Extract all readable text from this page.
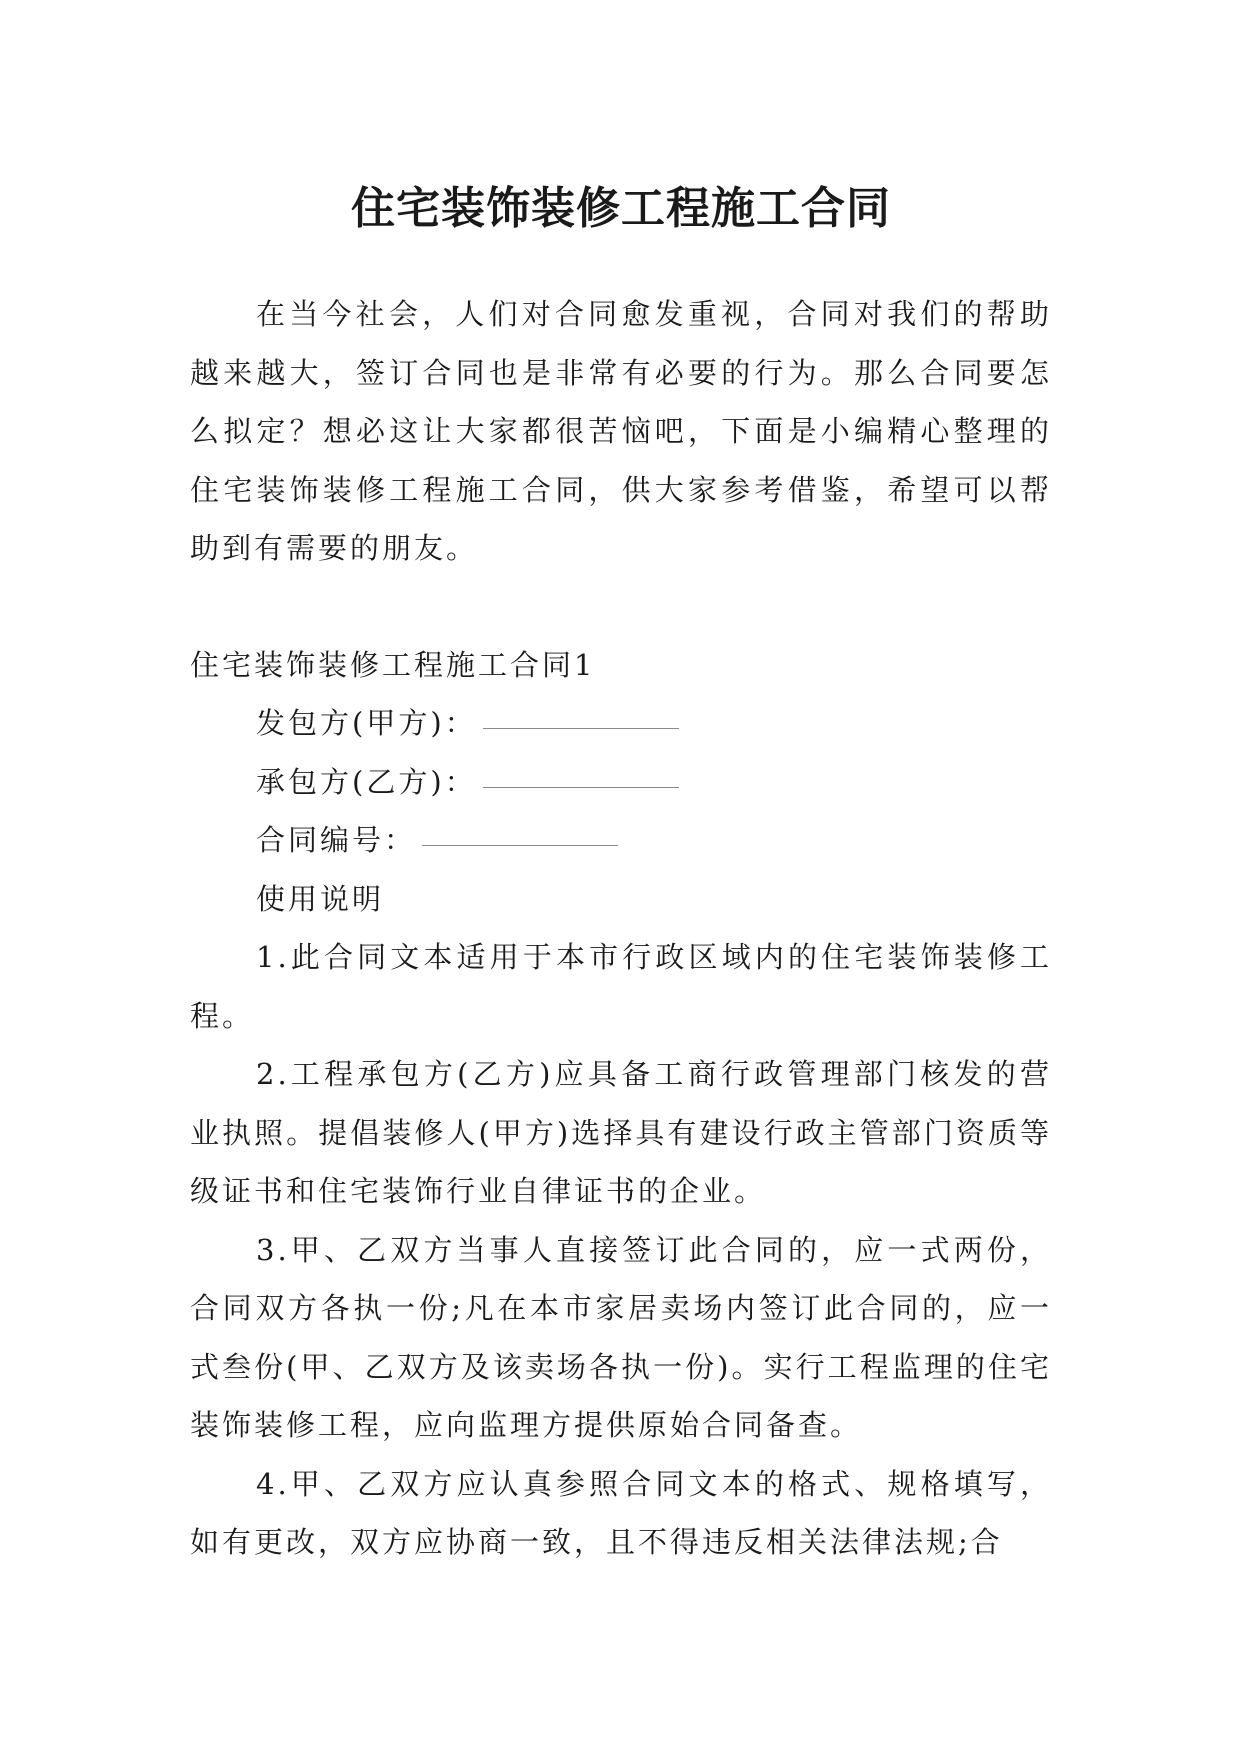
住宅装饰装修工程施工合同

在当今社会，人们对合同愈发重视，合同对我们的帮助越来越大，签订合同也是非常有必要的行为。那么合同要怎么拟定？想必这让大家都很苦恼吧，下面是小编精心整理的住宅装饰装修工程施工合同，供大家参考借鉴，希望可以帮助到有需要的朋友。

住宅装饰装修工程施工合同1

发包方(甲方)：

承包方(乙方)：

合同编号：

使用说明

1.此合同文本适用于本市行政区域内的住宅装饰装修工程。

2.工程承包方(乙方)应具备工商行政管理部门核发的营业执照。提倡装修人(甲方)选择具有建设行政主管部门资质等级证书和住宅装饰行业自律证书的企业。

3.甲、乙双方当事人直接签订此合同的，应一式两份，合同双方各执一份;凡在本市家居卖场内签订此合同的，应一式叁份(甲、乙双方及该卖场各执一份)。实行工程监理的住宅装饰装修工程，应向监理方提供原始合同备查。

4.甲、乙双方应认真参照合同文本的格式、规格填写，如有更改，双方应协商一致，且不得违反相关法律法规;合
